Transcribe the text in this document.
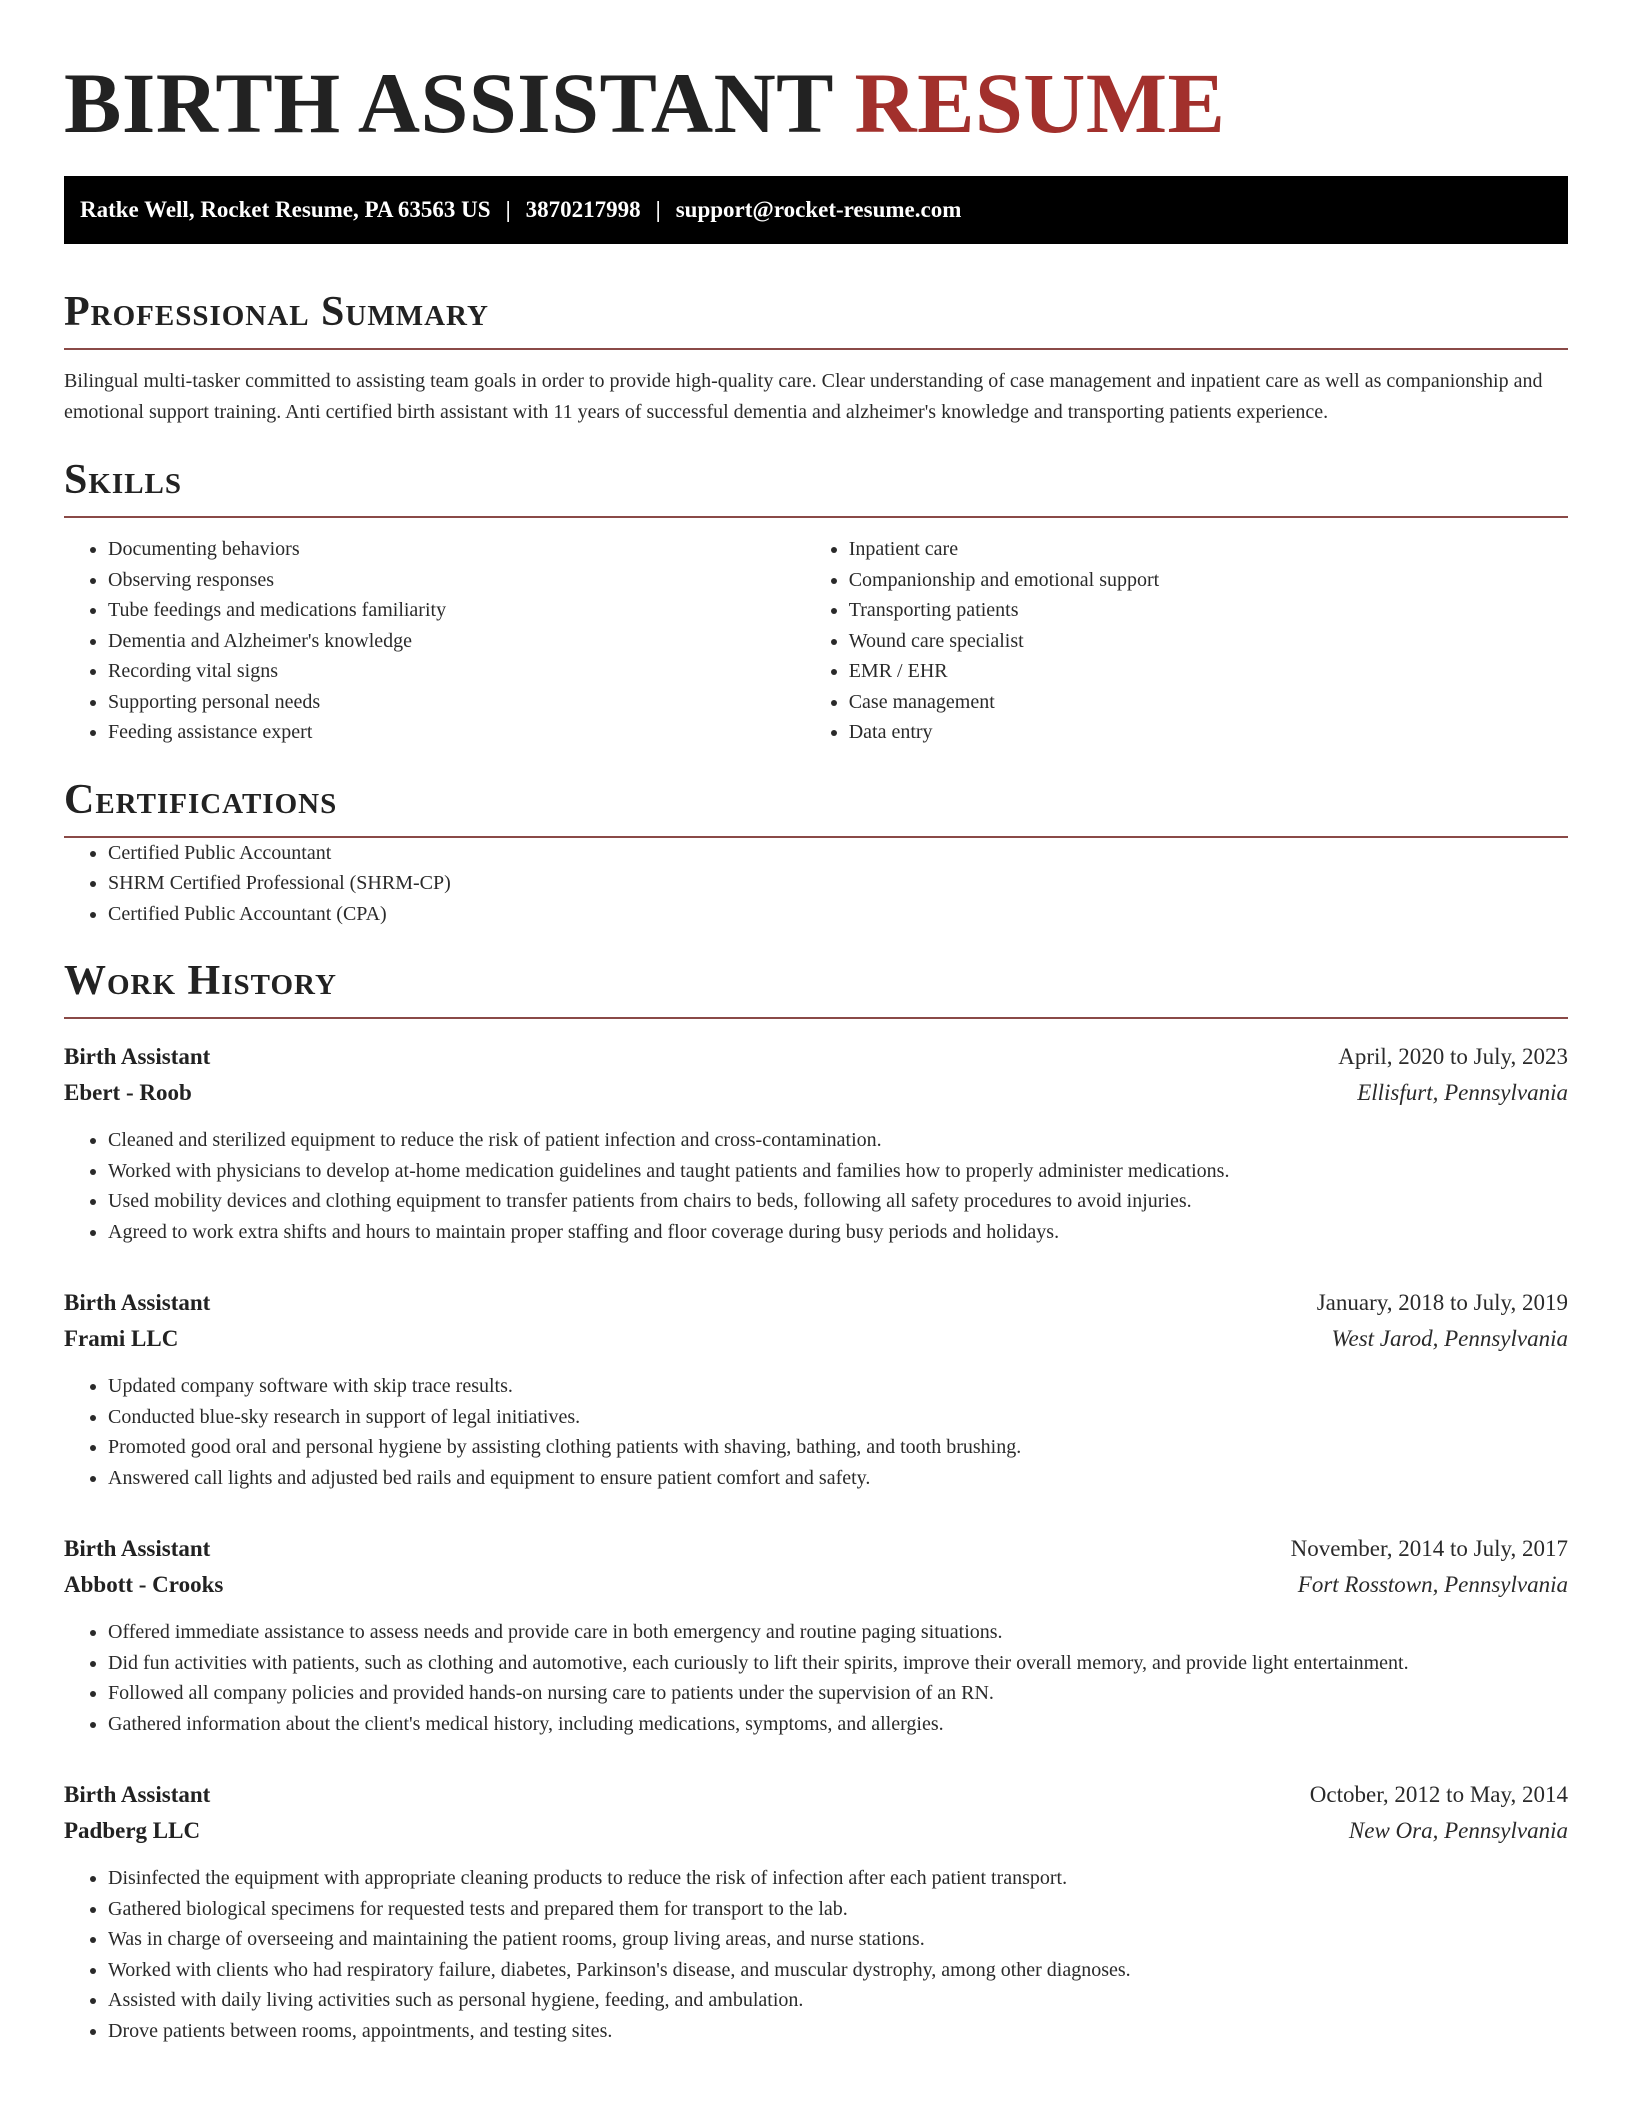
BIRTH ASSISTANT RESUME
Ratke Well, Rocket Resume, PA 63563 US | 3870217998 | support@rocket-resume.com
Professional Summary

Bilingual multi-tasker committed to assisting team goals in order to provide high-quality care. Clear understanding of case management and inpatient care as well as companionship and emotional support training. Anti certified birth assistant with 11 years of successful dementia and alzheimer's knowledge and transporting patients experience.

Skills
• Documenting behaviors
• Observing responses
• Tube feedings and medications familiarity
• Dementia and Alzheimer's knowledge
• Recording vital signs
• Supporting personal needs
• Feeding assistance expert
• Inpatient care
• Companionship and emotional support
• Transporting patients
• Wound care specialist
• EMR / EHR
• Case management
• Data entry
Certifications
• Certified Public Accountant
• SHRM Certified Professional (SHRM-CP)
• Certified Public Accountant (CPA)
Work History
Birth Assistant	April, 2020 to July, 2023
Ebert - Roob	Ellisfurt, Pennsylvania
• Cleaned and sterilized equipment to reduce the risk of patient infection and cross-contamination.
• Worked with physicians to develop at-home medication guidelines and taught patients and families how to properly administer medications.
• Used mobility devices and clothing equipment to transfer patients from chairs to beds, following all safety procedures to avoid injuries.
• Agreed to work extra shifts and hours to maintain proper staffing and floor coverage during busy periods and holidays.
Birth Assistant	January, 2018 to July, 2019
Frami LLC	West Jarod, Pennsylvania
• Updated company software with skip trace results.
• Conducted blue-sky research in support of legal initiatives.
• Promoted good oral and personal hygiene by assisting clothing patients with shaving, bathing, and tooth brushing.
• Answered call lights and adjusted bed rails and equipment to ensure patient comfort and safety.
Birth Assistant	November, 2014 to July, 2017
Abbott - Crooks	Fort Rosstown, Pennsylvania
• Offered immediate assistance to assess needs and provide care in both emergency and routine paging situations.
• Did fun activities with patients, such as clothing and automotive, each curiously to lift their spirits, improve their overall memory, and provide light entertainment.
• Followed all company policies and provided hands-on nursing care to patients under the supervision of an RN.
• Gathered information about the client's medical history, including medications, symptoms, and allergies.
Birth Assistant	October, 2012 to May, 2014
Padberg LLC	New Ora, Pennsylvania
• Disinfected the equipment with appropriate cleaning products to reduce the risk of infection after each patient transport.
• Gathered biological specimens for requested tests and prepared them for transport to the lab.
• Was in charge of overseeing and maintaining the patient rooms, group living areas, and nurse stations.
• Worked with clients who had respiratory failure, diabetes, Parkinson's disease, and muscular dystrophy, among other diagnoses.
• Assisted with daily living activities such as personal hygiene, feeding, and ambulation.
• Drove patients between rooms, appointments, and testing sites.
